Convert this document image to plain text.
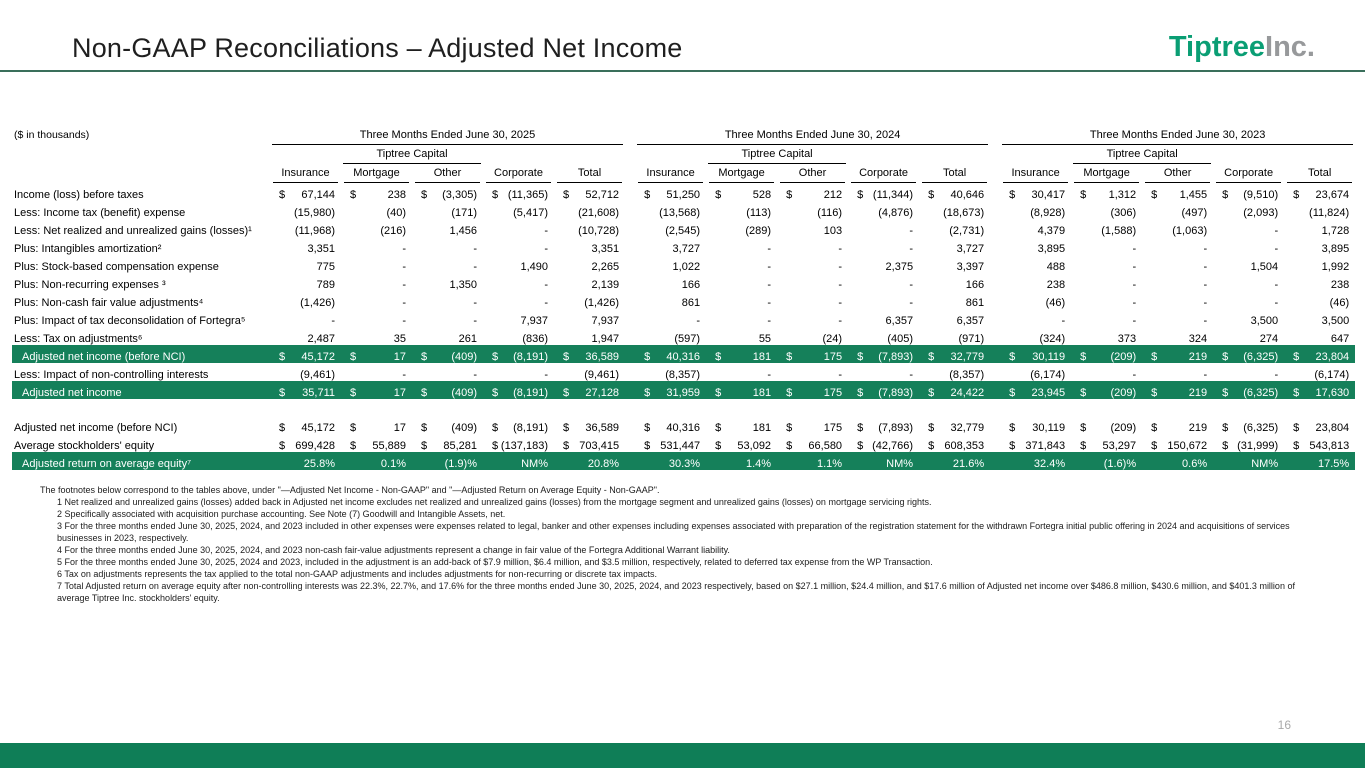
Non-GAAP Reconciliations – Adjusted Net Income	TiptreeInc.
($ in thousands)	Three Months Ended June 30, 2025						Three Months Ended June 30, 2024						Three Months Ended June 30, 2023				

		Tiptree Capital						Tiptree Capital						Tiptree Capital			

	Insurance	Mortgage	Other	Corporate	Total		Insurance	Mortgage	Other	Corporate	Total		Insurance	Mortgage	Other	Corporate	Total

Income (loss) before taxes	$ 67,144	$ 238	$ (3,305)	$ (11,365)	$ 52,712		$ 51,250	$ 528	$ 212	$ (11,344)	$ 40,646		$ 30,417	$ 1,312	$ 1,455	$ (9,510)	$ 23,674

Less: Income tax (benefit) expense	(15,980)	(40)	(171)	(5,417)	(21,608)		(13,568)	(113)	(116)	(4,876)	(18,673)		(8,928)	(306)	(497)	(2,093)	(11,824)
Less: Net realized and unrealized gains (losses)¹	(11,968)	(216)	1,456	-	(10,728)		(2,545)	(289)	103	-	(2,731)		4,379	(1,588)	(1,063)	-	1,728
Plus: Intangibles amortization²	3,351	-	-	-	3,351		3,727	-	-	-	3,727		3,895	-	-	-	3,895
Plus: Stock-based compensation expense	775	-	-	1,490	2,265		1,022	-	-	2,375	3,397		488	-	-	1,504	1,992
Plus: Non-recurring expenses ³	789	-	1,350	-	2,139		166	-	-	-	166		238	-	-	-	238
Plus: Non-cash fair value adjustments⁴	(1,426)	-	-	-	(1,426)		861	-	-	-	861		(46)	-	-	-	(46)
Plus: Impact of tax deconsolidation of Fortegra⁵	-	-	-	7,937	7,937		-	-	-	6,357	6,357		-	-	-	3,500	3,500
Less: Tax on adjustments⁶	2,487	35	261	(836)	1,947		(597)	55	(24)	(405)	(971)		(324)	373	324	274	647
Adjusted net income (before NCI)	$ 45,172	$ 17	$ (409)	$ (8,191)	$ 36,589		$ 40,316	$ 181	$ 175	$ (7,893)	$ 32,779		$ 30,119	$ (209)	$ 219	$ (6,325)	$ 23,804

Less: Impact of non-controlling interests	(9,461)	-	-	-	(9,461)		(8,357)	-	-	-	(8,357)		(6,174)	-	-	-	(6,174)
Adjusted net income	$ 35,711	$ 17	$ (409)	$ (8,191)	$ 27,128		$ 31,959	$ 181	$ 175	$ (7,893)	$ 24,422		$ 23,945	$ (209)	$ 219	$ (6,325)	$ 17,630

Adjusted net income (before NCI)	$ 45,172	$ 17	$ (409)	$ (8,191)	$ 36,589		$ 40,316	$ 181	$ 175	$ (7,893)	$ 32,779		$ 30,119	$ (209)	$ 219	$ (6,325)	$ 23,804

Average stockholders' equity	$ 699,428	$ 55,889	$ 85,281	$ (137,183)	$ 703,415		$ 531,447	$ 53,092	$ 66,580	$ (42,766)	$ 608,353		$ 371,843	$ 53,297	$ 150,672	$ (31,999)	$ 543,813

Adjusted return on average equity⁷	25.8%	0.1%	(1.9)%	NM%	20.8%		30.3%	1.4%	1.1%	NM%	21.6%		32.4%	(1.6)%	0.6%	NM%	17.5%
The footnotes below correspond to the tables above, under "—Adjusted Net Income - Non-GAAP" and "—Adjusted Return on Average Equity - Non-GAAP".
1 Net realized and unrealized gains (losses) added back in Adjusted net income excludes net realized and unrealized gains (losses) from the mortgage segment and unrealized gains (losses) on mortgage servicing rights.
2 Specifically associated with acquisition purchase accounting. See Note (7) Goodwill and Intangible Assets, net.
3 For the three months ended June 30, 2025, 2024, and 2023 included in other expenses were expenses related to legal, banker and other expenses including expenses associated with preparation of the registration statement for the withdrawn Fortegra initial public offering in 2024 and acquisitions of services businesses in 2023, respectively.
4 For the three months ended June 30, 2025, 2024, and 2023 non-cash fair-value adjustments represent a change in fair value of the Fortegra Additional Warrant liability.
5 For the three months ended June 30, 2025, 2024 and 2023, included in the adjustment is an add-back of $7.9 million, $6.4 million, and $3.5 million, respectively, related to deferred tax expense from the WP Transaction.
6 Tax on adjustments represents the tax applied to the total non-GAAP adjustments and includes adjustments for non-recurring or discrete tax impacts.
7 Total Adjusted return on average equity after non-controlling interests was 22.3%, 22.7%, and 17.6% for the three months ended June 30, 2025, 2024, and 2023 respectively, based on $27.1 million, $24.4 million, and $17.6 million of Adjusted net income over $486.8 million, $430.6 million, and $401.3 million of average Tiptree Inc. stockholders' equity.
16
